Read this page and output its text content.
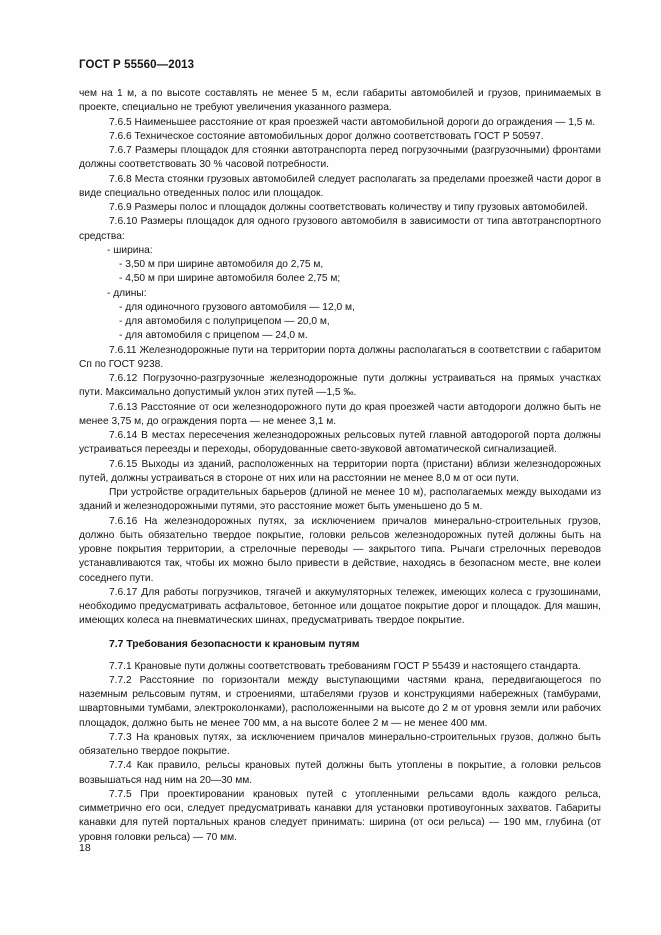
ГОСТ Р 55560—2013

чем на 1 м, а по высоте составлять не менее 5 м, если габариты автомобилей и грузов, принимаемых в проекте, специально не требуют увеличения указанного размера.

7.6.5 Наименьшее расстояние от края проезжей части автомобильной дороги до ограждения — 1,5 м.

7.6.6 Техническое состояние автомобильных дорог должно соответствовать ГОСТ Р 50597.

7.6.7 Размеры площадок для стоянки автотранспорта перед погрузочными (разгрузочными) фронтами должны соответствовать 30 % часовой потребности.

7.6.8 Места стоянки грузовых автомобилей следует располагать за пределами проезжей части дорог в виде специально отведенных полос или площадок.

7.6.9 Размеры полос и площадок должны соответствовать количеству и типу грузовых автомобилей.

7.6.10 Размеры площадок для одного грузового автомобиля в зависимости от типа автотранспортного средства:

- ширина:

- 3,50 м при ширине автомобиля до 2,75 м,

- 4,50 м при ширине автомобиля более 2,75 м;

- длины:

- для одиночного грузового автомобиля — 12,0 м,

- для автомобиля с полуприцепом — 20,0 м,

- для автомобиля с прицепом — 24,0 м.

7.6.11 Железнодорожные пути на территории порта должны располагаться в соответствии с габаритом Сп по ГОСТ 9238.

7.6.12 Погрузочно-разгрузочные железнодорожные пути должны устраиваться на прямых участках пути. Максимально допустимый уклон этих путей —1,5 ‰.

7.6.13 Расстояние от оси железнодорожного пути до края проезжей части автодороги должно быть не менее 3,75 м, до ограждения порта — не менее 3,1 м.

7.6.14 В местах пересечения железнодорожных рельсовых путей главной автодорогой порта должны устраиваться переезды и переходы, оборудованные свето-звуковой автоматической сигнализацией.

7.6.15 Выходы из зданий, расположенных на территории порта (пристани) вблизи железнодорожных путей, должны устраиваться в стороне от них или на расстоянии не менее 8,0 м от оси пути.

При устройстве оградительных барьеров (длиной не менее 10 м), располагаемых между выходами из зданий и железнодорожными путями, это расстояние может быть уменьшено до 5 м.

7.6.16 На железнодорожных путях, за исключением причалов минерально-строительных грузов, должно быть обязательно твердое покрытие, головки рельсов железнодорожных путей должны быть на уровне покрытия территории, а стрелочные переводы — закрытого типа. Рычаги стрелочных переводов устанавливаются так, чтобы их можно было привести в действие, находясь в безопасном месте, вне колеи соседнего пути.

7.6.17 Для работы погрузчиков, тягачей и аккумуляторных тележек, имеющих колеса с грузошинами, необходимо предусматривать асфальтовое, бетонное или дощатое покрытие дорог и площадок. Для машин, имеющих колеса на пневматических шинах, предусматривать твердое покрытие.

7.7 Требования безопасности к крановым путям

7.7.1 Крановые пути должны соответствовать требованиям ГОСТ Р 55439 и настоящего стандарта.

7.7.2 Расстояние по горизонтали между выступающими частями крана, передвигающегося по наземным рельсовым путям, и строениями, штабелями грузов и конструкциями набережных (тамбурами, швартовными тумбами, электроколонками), расположенными на высоте до 2 м от уровня земли или рабочих площадок, должно быть не менее 700 мм, а на высоте более 2 м — не менее 400 мм.

7.7.3 На крановых путях, за исключением причалов минерально-строительных грузов, должно быть обязательно твердое покрытие.

7.7.4 Как правило, рельсы крановых путей должны быть утоплены в покрытие, а головки рельсов возвышаться над ним на 20—30 мм.

7.7.5 При проектировании крановых путей с утопленными рельсами вдоль каждого рельса, симметрично его оси, следует предусматривать канавки для установки противоугонных захватов. Габариты канавки для путей портальных кранов следует принимать: ширина (от оси рельса) — 190 мм, глубина (от уровня головки рельса) — 70 мм.

18
